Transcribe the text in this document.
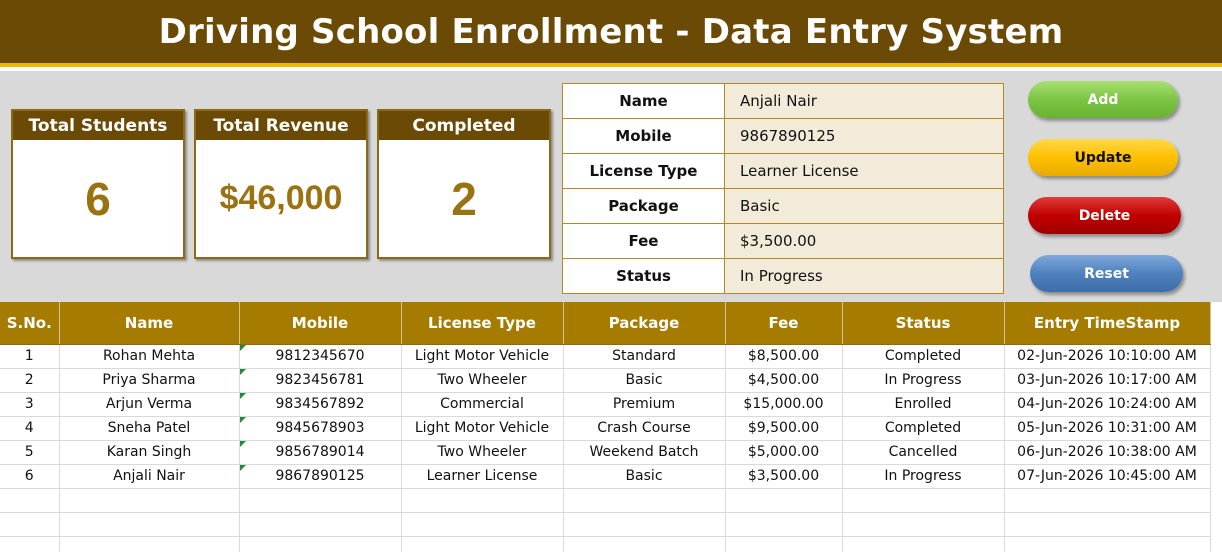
Driving School Enrollment - Data Entry System
Total Students
6
Total Revenue
$46,000
Completed
2
Name	Anjali Nair
Mobile	9867890125
License Type	Learner License
Package	Basic
Fee	$3,500.00
Status	In Progress
Add
Update
Delete
Reset
S.No.	Name	Mobile	License Type	Package	Fee	Status	Entry TimeStamp
1	Rohan Mehta	9812345670	Light Motor Vehicle	Standard	$8,500.00	Completed	02-Jun-2026 10:10:00 AM
2	Priya Sharma	9823456781	Two Wheeler	Basic	$4,500.00	In Progress	03-Jun-2026 10:17:00 AM
3	Arjun Verma	9834567892	Commercial	Premium	$15,000.00	Enrolled	04-Jun-2026 10:24:00 AM
4	Sneha Patel	9845678903	Light Motor Vehicle	Crash Course	$9,500.00	Completed	05-Jun-2026 10:31:00 AM
5	Karan Singh	9856789014	Two Wheeler	Weekend Batch	$5,000.00	Cancelled	06-Jun-2026 10:38:00 AM
6	Anjali Nair	9867890125	Learner License	Basic	$3,500.00	In Progress	07-Jun-2026 10:45:00 AM
